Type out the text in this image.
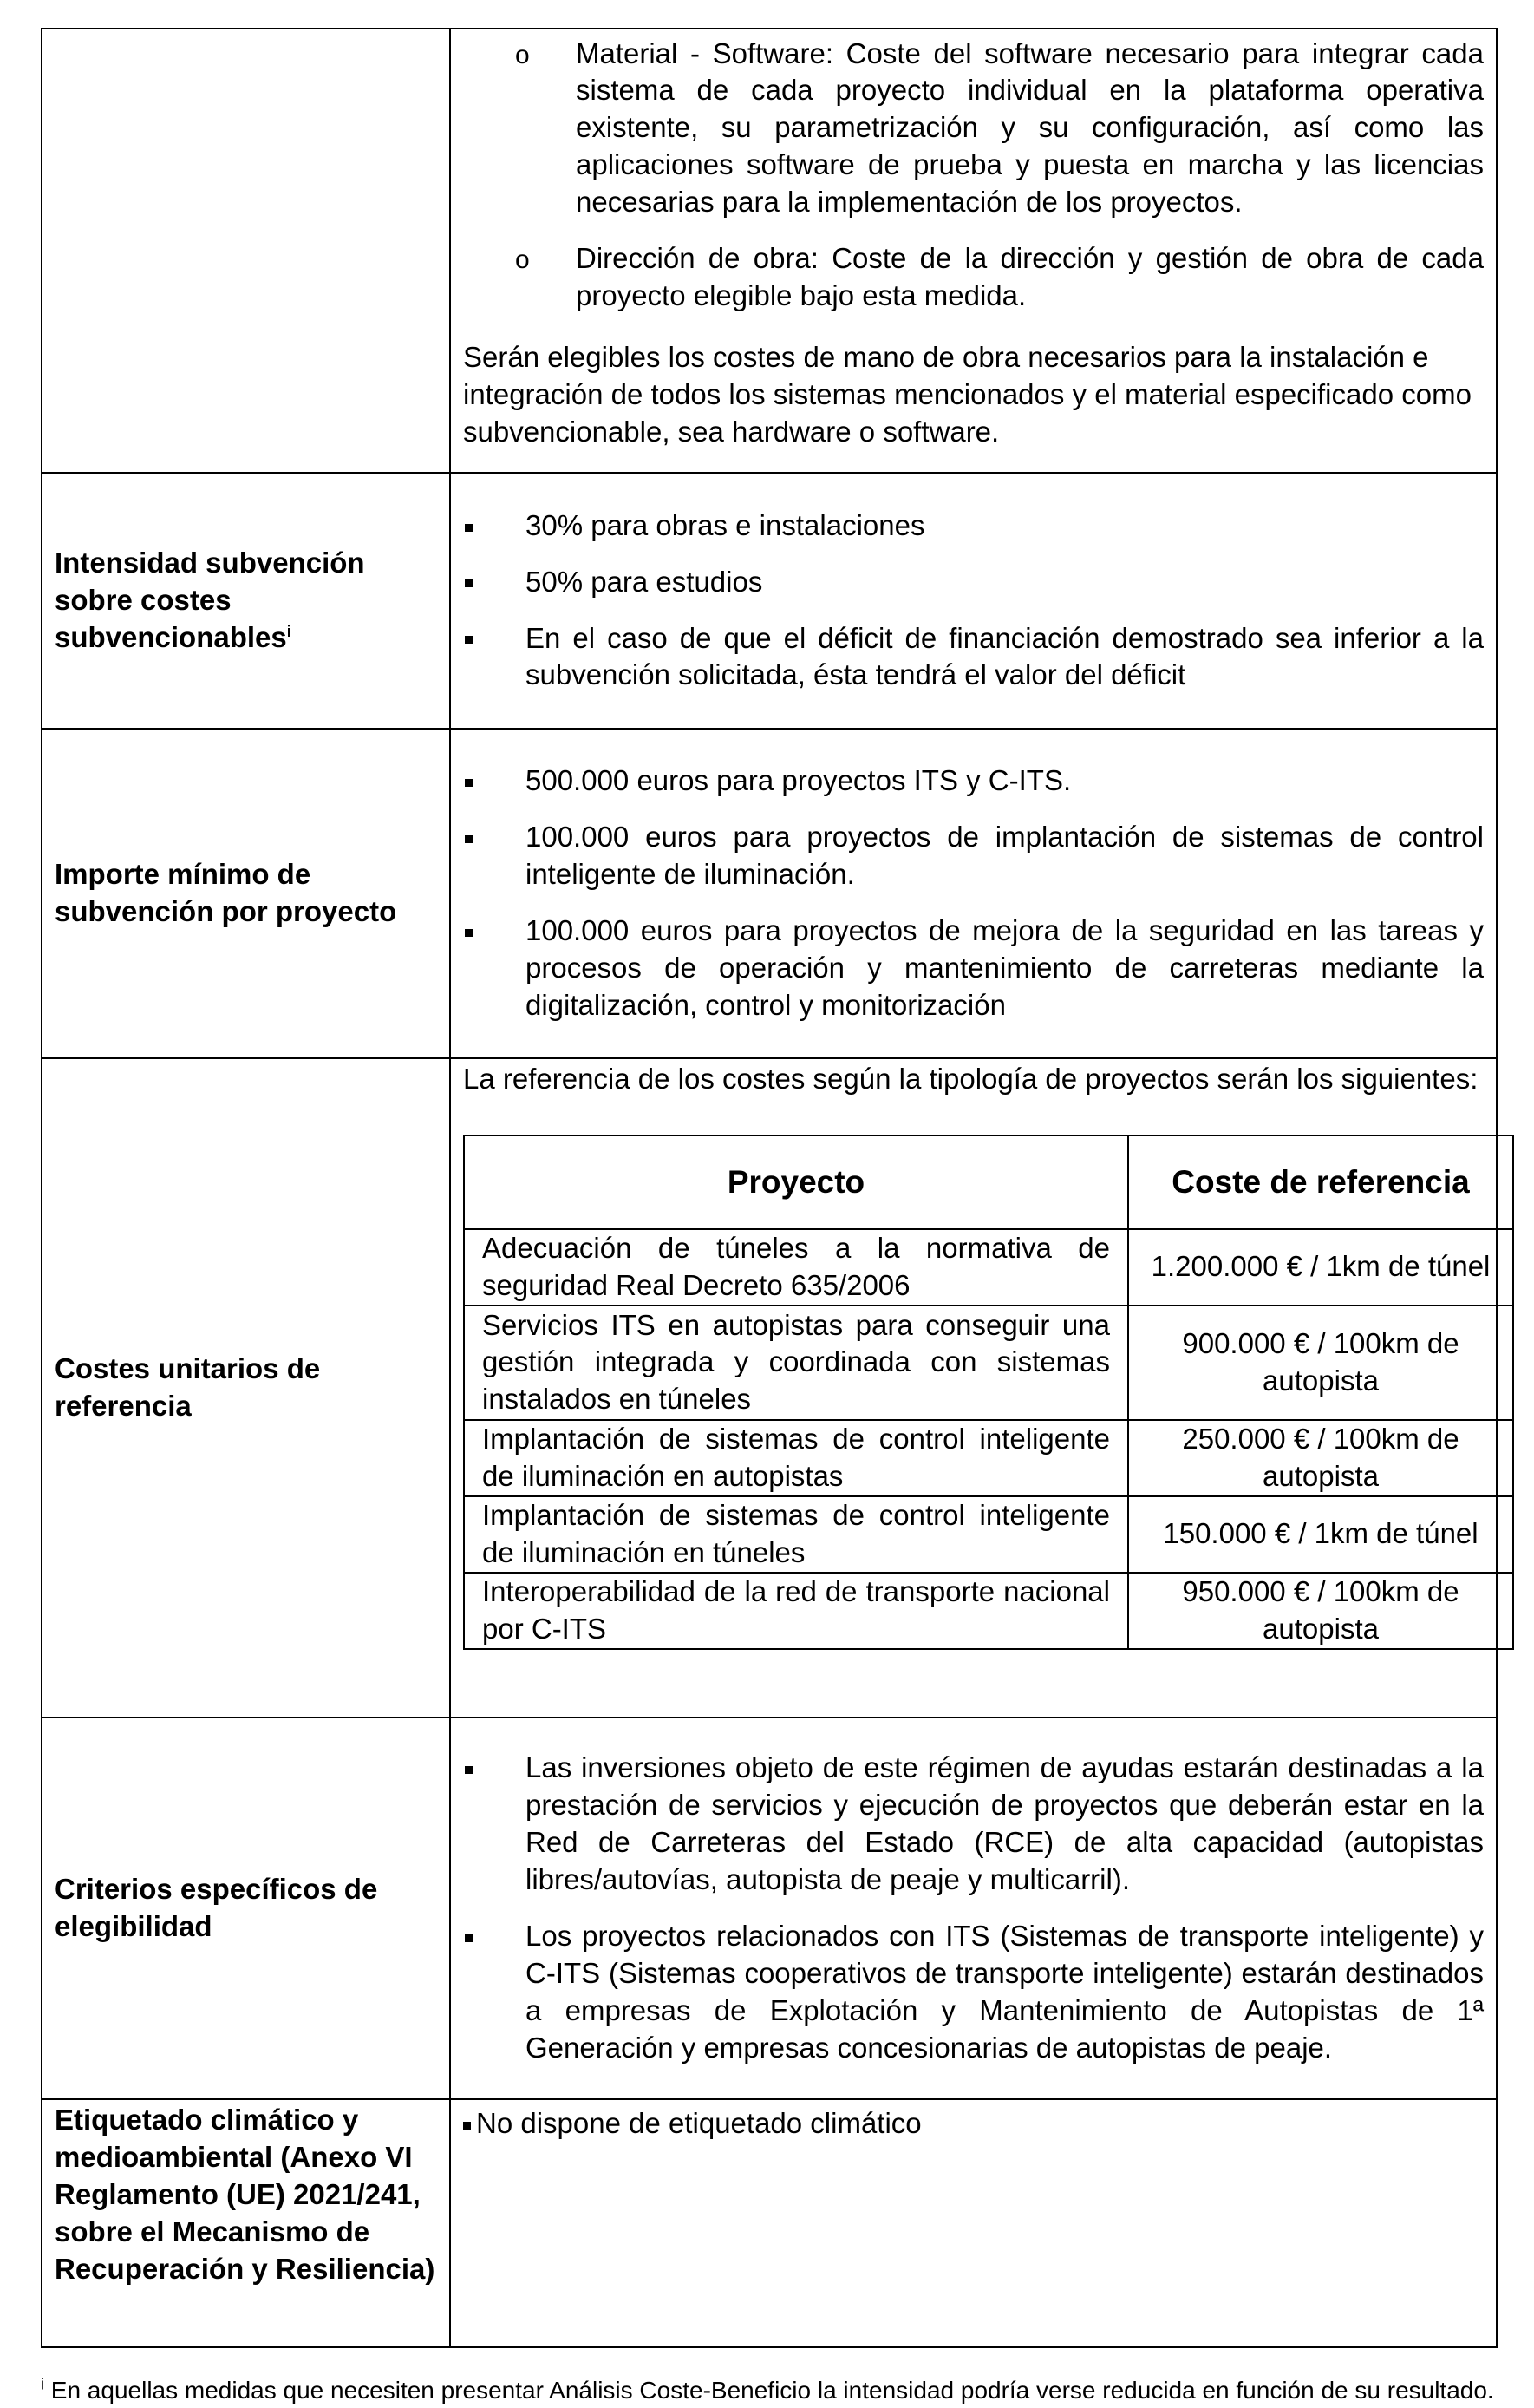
o Material - Software: Coste del software necesario para integrar cada sistema de cada proyecto individual en la plataforma operativa existente, su parametrización y su configuración, así como las aplicaciones software de prueba y puesta en marcha y las licencias necesarias para la implementación de los proyectos.
o Dirección de obra: Coste de la dirección y gestión de obra de cada proyecto elegible bajo esta medida.
Serán elegibles los costes de mano de obra necesarios para la instalación e integración de todos los sistemas mencionados y el material especificado como subvencionable, sea hardware o software.

Intensidad subvención sobre costes subvencionables$^i$	
30% para obras e instalaciones
50% para estudios
En el caso de que el déficit de financiación demostrado sea inferior a la subvención solicitada, ésta tendrá el valor del déficit

Importe mínimo de subvención por proyecto	
500.000 euros para proyectos ITS y C-ITS.
100.000 euros para proyectos de implantación de sistemas de control inteligente de iluminación.
100.000 euros para proyectos de mejora de la seguridad en las tareas y procesos de operación y mantenimiento de carreteras mediante la digitalización, control y monitorización

Costes unitarios de referencia	
La referencia de los costes según la tipología de proyectos serán los siguientes:
Proyecto	Coste de referencia
Adecuación de túneles a la normativa de seguridad Real Decreto 635/2006	1.200.000 € / 1km de túnel
Servicios ITS en autopistas para conseguir una gestión integrada y coordinada con sistemas instalados en túneles	900.000 € / 100km de autopista
Implantación de sistemas de control inteligente de iluminación en autopistas	250.000 € / 100km de autopista
Implantación de sistemas de control inteligente de iluminación en túneles	150.000 € / 1km de túnel
Interoperabilidad de la red de transporte nacional por C-ITS	950.000 € / 100km de autopista

Criterios específicos de elegibilidad	
Las inversiones objeto de este régimen de ayudas estarán destinadas a la prestación de servicios y ejecución de proyectos que deberán estar en la Red de Carreteras del Estado (RCE) de alta capacidad (autopistas libres/autovías, autopista de peaje y multicarril).
Los proyectos relacionados con ITS (Sistemas de transporte inteligente) y C-ITS (Sistemas cooperativos de transporte inteligente) estarán destinados a empresas de Explotación y Mantenimiento de Autopistas de 1ª Generación y empresas concesionarias de autopistas de peaje.

Etiquetado climático y medioambiental (Anexo VI Reglamento (UE) 2021/241, sobre el Mecanismo de Recuperación y Resiliencia)	No dispone de etiquetado climático
$^i$ En aquellas medidas que necesiten presentar Análisis Coste-Beneficio la intensidad podría verse reducida en función de su resultado.
